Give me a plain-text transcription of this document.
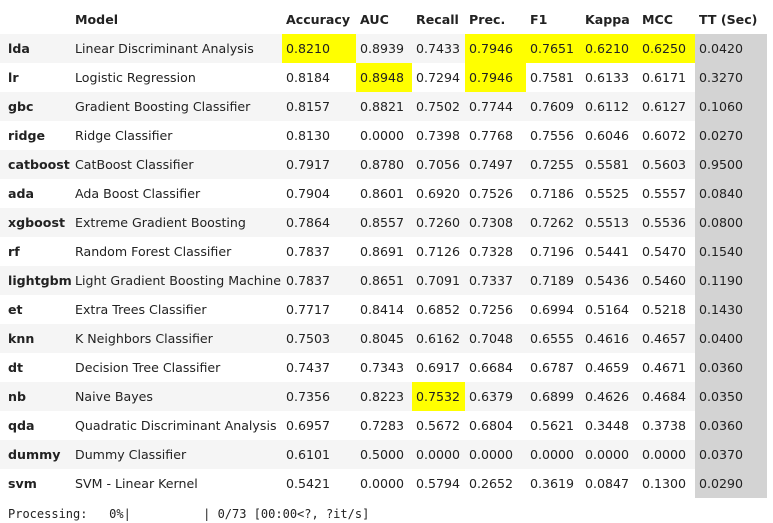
	Model	Accuracy	AUC	Recall	Prec.	F1	Kappa	MCC	TT (Sec)
lda	Linear Discriminant Analysis	0.8210	0.8939	0.7433	0.7946	0.7651	0.6210	0.6250	0.0420
lr	Logistic Regression	0.8184	0.8948	0.7294	0.7946	0.7581	0.6133	0.6171	0.3270
gbc	Gradient Boosting Classifier	0.8157	0.8821	0.7502	0.7744	0.7609	0.6112	0.6127	0.1060
ridge	Ridge Classifier	0.8130	0.0000	0.7398	0.7768	0.7556	0.6046	0.6072	0.0270
catboost	CatBoost Classifier	0.7917	0.8780	0.7056	0.7497	0.7255	0.5581	0.5603	0.9500
ada	Ada Boost Classifier	0.7904	0.8601	0.6920	0.7526	0.7186	0.5525	0.5557	0.0840
xgboost	Extreme Gradient Boosting	0.7864	0.8557	0.7260	0.7308	0.7262	0.5513	0.5536	0.0800
rf	Random Forest Classifier	0.7837	0.8691	0.7126	0.7328	0.7196	0.5441	0.5470	0.1540
lightgbm	Light Gradient Boosting Machine	0.7837	0.8651	0.7091	0.7337	0.7189	0.5436	0.5460	0.1190
et	Extra Trees Classifier	0.7717	0.8414	0.6852	0.7256	0.6994	0.5164	0.5218	0.1430
knn	K Neighbors Classifier	0.7503	0.8045	0.6162	0.7048	0.6555	0.4616	0.4657	0.0400
dt	Decision Tree Classifier	0.7437	0.7343	0.6917	0.6684	0.6787	0.4659	0.4671	0.0360
nb	Naive Bayes	0.7356	0.8223	0.7532	0.6379	0.6899	0.4626	0.4684	0.0350
qda	Quadratic Discriminant Analysis	0.6957	0.7283	0.5672	0.6804	0.5621	0.3448	0.3738	0.0360
dummy	Dummy Classifier	0.6101	0.5000	0.0000	0.0000	0.0000	0.0000	0.0000	0.0370
svm	SVM - Linear Kernel	0.5421	0.0000	0.5794	0.2652	0.3619	0.0847	0.1300	0.0290
Processing: 0%|	| 0/73 [00:00<?, ?it/s]
